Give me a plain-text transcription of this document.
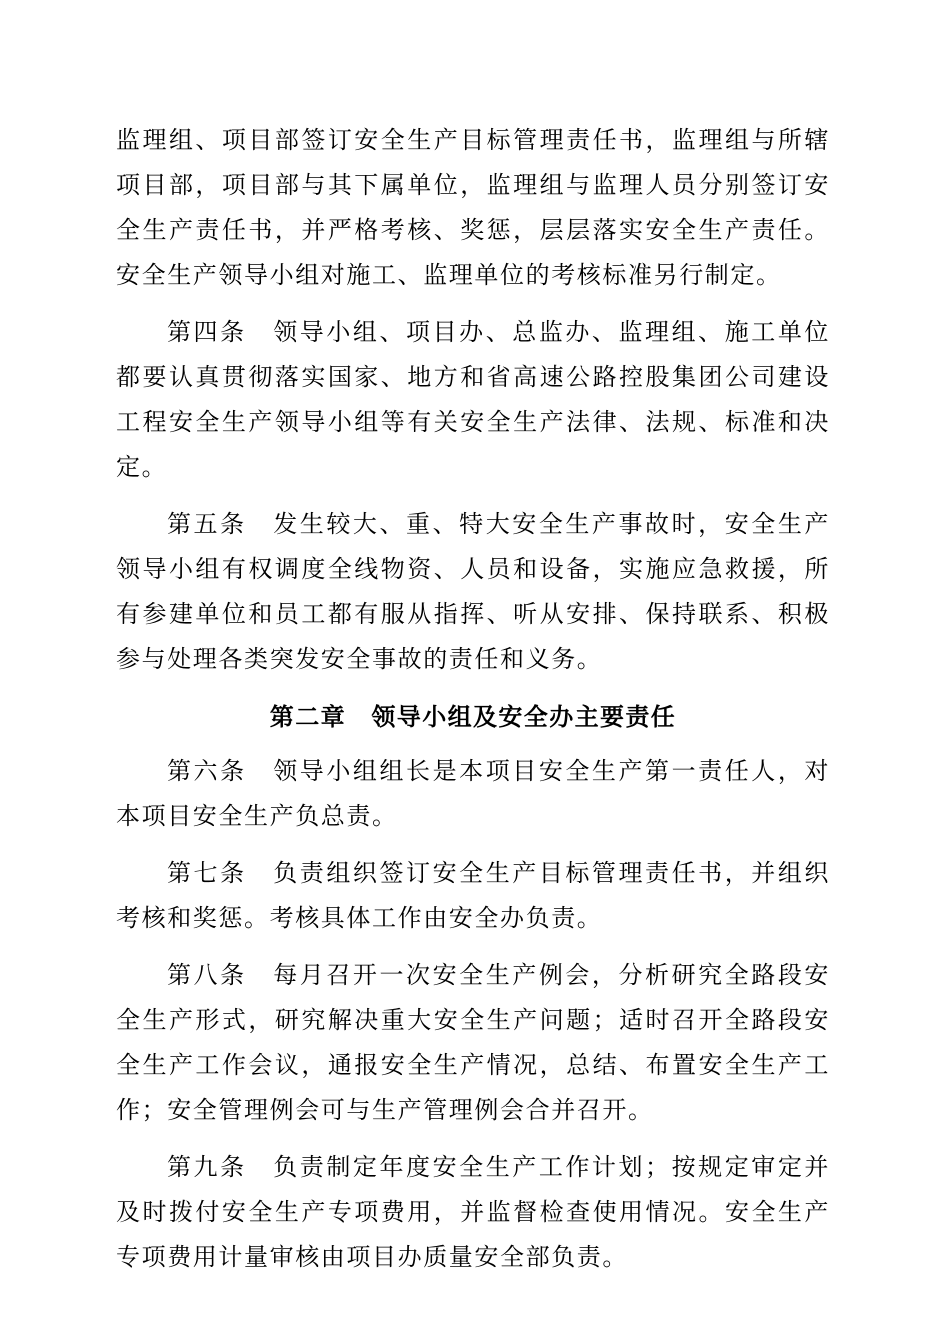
监理组、项目部签订安全生产目标管理责任书，监理组与所辖项目部，项目部与其下属单位，监理组与监理人员分别签订安全生产责任书，并严格考核、奖惩，层层落实安全生产责任。安全生产领导小组对施工、监理单位的考核标准另行制定。

第四条　领导小组、项目办、总监办、监理组、施工单位都要认真贯彻落实国家、地方和省高速公路控股集团公司建设工程安全生产领导小组等有关安全生产法律、法规、标准和决定。

第五条　发生较大、重、特大安全生产事故时，安全生产领导小组有权调度全线物资、人员和设备，实施应急救援，所有参建单位和员工都有服从指挥、听从安排、保持联系、积极参与处理各类突发安全事故的责任和义务。

第二章　领导小组及安全办主要责任

第六条　领导小组组长是本项目安全生产第一责任人，对本项目安全生产负总责。

第七条　负责组织签订安全生产目标管理责任书，并组织考核和奖惩。考核具体工作由安全办负责。

第八条　每月召开一次安全生产例会，分析研究全路段安全生产形式，研究解决重大安全生产问题；适时召开全路段安全生产工作会议，通报安全生产情况，总结、布置安全生产工作；安全管理例会可与生产管理例会合并召开。

第九条　负责制定年度安全生产工作计划；按规定审定并及时拨付安全生产专项费用，并监督检查使用情况。安全生产专项费用计量审核由项目办质量安全部负责。
